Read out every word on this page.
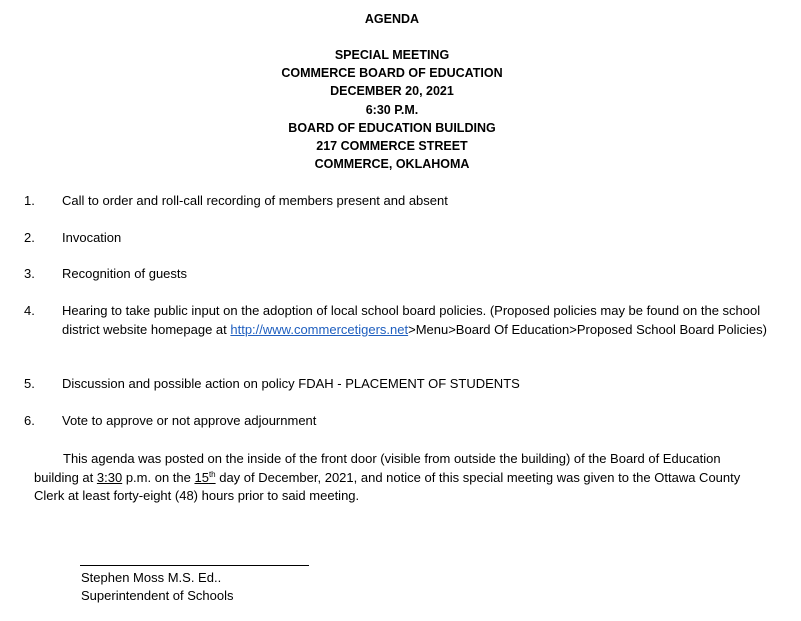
AGENDA
SPECIAL MEETING
COMMERCE BOARD OF EDUCATION
DECEMBER 20, 2021
6:30 P.M.
BOARD OF EDUCATION BUILDING
217 COMMERCE STREET
COMMERCE, OKLAHOMA
1. Call to order and roll-call recording of members present and absent
2. Invocation
3. Recognition of guests
4. Hearing to take public input on the adoption of local school board policies. (Proposed policies may be found on the school district website homepage at http://www.commercetigers.net>Menu>Board Of Education>Proposed School Board Policies)
5. Discussion and possible action on policy FDAH - PLACEMENT OF STUDENTS
6. Vote to approve or not approve adjournment
This agenda was posted on the inside of the front door (visible from outside the building) of the Board of Education building at 3:30 p.m. on the 15th day of December, 2021, and notice of this special meeting was given to the Ottawa County Clerk at least forty-eight (48) hours prior to said meeting.
Stephen Moss M.S. Ed..
Superintendent of Schools
